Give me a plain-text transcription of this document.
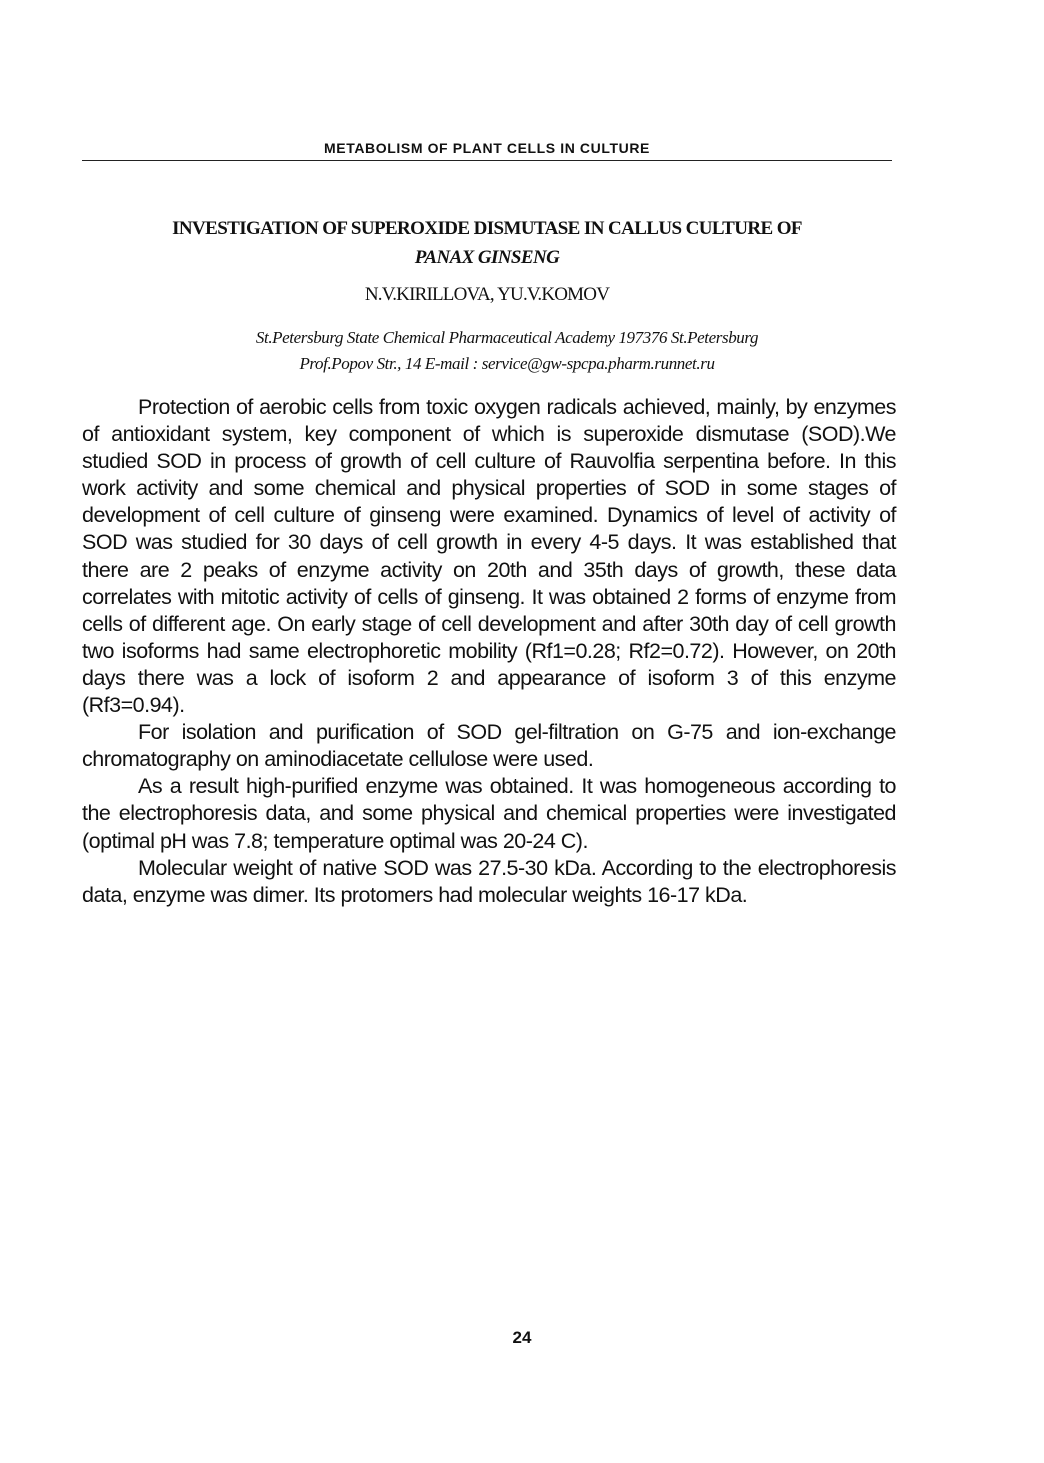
METABOLISM OF PLANT CELLS IN CULTURE
INVESTIGATION OF SUPEROXIDE DISMUTASE IN CALLUS CULTURE OF
PANAX GINSENG
N.V.KIRILLOVA, YU.V.KOMOV
St.Petersburg State Chemical Pharmaceutical Academy 197376 St.Petersburg
Prof.Popov Str., 14 E-mail : service@gw-spcpa.pharm.runnet.ru

Protection of aerobic cells from toxic oxygen radicals achieved, mainly, by enzymes of antioxidant system, key component of which is superoxide dismutase (SOD).We studied SOD in process of growth of cell culture of Rauvolfia serpentina before. In this work activity and some chemical and physical properties of SOD in some stages of development of cell culture of ginseng were examined. Dynamics of level of activity of SOD was studied for 30 days of cell growth in every 4-5 days. It was established that there are 2 peaks of enzyme activity on 20th and 35th days of growth, these data correlates with mitotic activity of cells of ginseng. It was obtained 2 forms of enzyme from cells of different age. On early stage of cell development and after 30th day of cell growth two isoforms had same electrophoretic mobility (Rf1=0.28; Rf2=0.72). However, on 20th days there was a lock of isoform 2 and appearance of isoform 3 of this enzyme (Rf3=0.94).

For isolation and purification of SOD gel-filtration on G-75 and ion-exchange chromatography on aminodiacetate cellulose were used.

As a result high-purified enzyme was obtained. It was homogeneous according to the electrophoresis data, and some physical and chemical properties were investigated (optimal pH was 7.8; temperature optimal was 20-24 C).

Molecular weight of native SOD was 27.5-30 kDa. According to the electrophoresis data, enzyme was dimer. Its protomers had molecular weights 16-17 kDa.

24
